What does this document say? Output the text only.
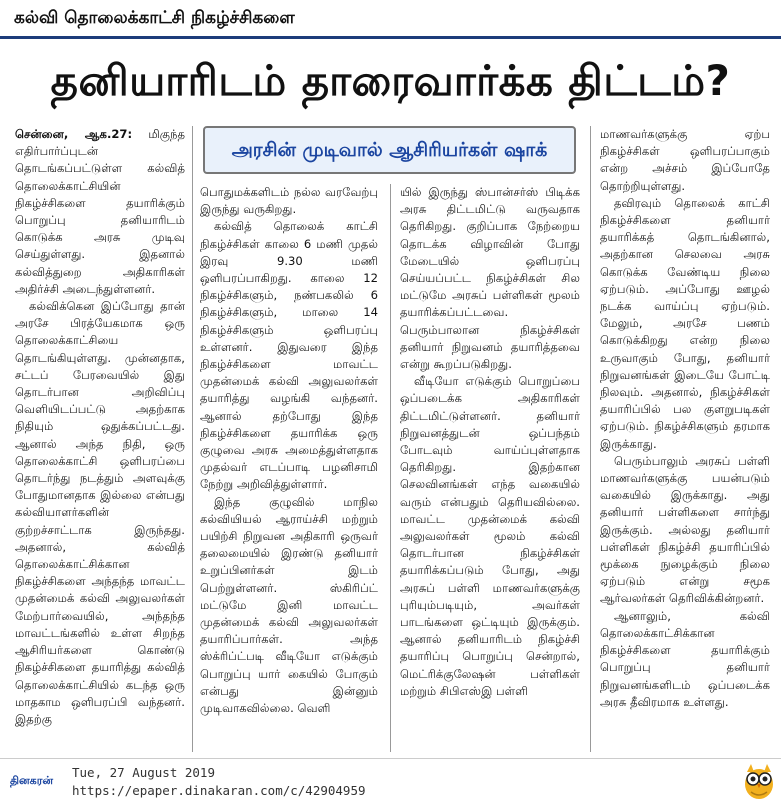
கல்வி தொலைக்காட்சி நிகழ்ச்சிகளை
தனியாரிடம் தாரைவார்க்க திட்டம்?
அரசின் முடிவால் ஆசிரியர்கள் ஷாக்

சென்னை, ஆக.27: மிகுந்த எதிர்பார்ப்புடன் தொடங்கப்பட்டுள்ள கல்வித் தொலைக்காட்சியின் நிகழ்ச்சிகளை தயாரிக்கும் பொறுப்பு தனியாரிடம் கொடுக்க அரசு முடிவு செய்துள்ளது. இதனால் கல்வித்துறை அதிகாரிகள் அதிர்ச்சி அடைந்துள்ளனர்.

கல்விக்கென இப்போது தான் அரசே பிரத்யேகமாக ஒரு தொலைக்காட்சியை தொடங்கியுள்ளது. முன்னதாக, சட்டப் பேரவையில் இது தொடர்பான அறிவிப்பு வெளியிடப்பட்டு அதற்காக நிதியும் ஒதுக்கப்பட்டது. ஆனால் அந்த நிதி, ஒரு தொலைக்காட்சி ஒளிபரப்பை தொடர்ந்து நடத்தும் அளவுக்கு போதுமானதாக இல்லை என்பது கல்வியாளர்களின் குற்றச்சாட்டாக இருந்தது. அதனால், கல்வித் தொலைக்காட்சிக்கான நிகழ்ச்சிகளை அந்தந்த மாவட்ட முதன்மைக் கல்வி அலுவலர்கள் மேற்பார்வையில், அந்தந்த மாவட்டங்களில் உள்ள சிறந்த ஆசிரியர்களை கொண்டு நிகழ்ச்சிகளை தயாரித்து கல்வித் தொலைக்காட்சியில் கடந்த ஒரு மாதகாம ஒளிபரப்பி வந்தனர். இதற்கு

பொதுமக்களிடம் நல்ல வரவேற்பு இருந்து வருகிறது.

கல்வித் தொலைக் காட்சி நிகழ்ச்சிகள் காலை 6 மணி முதல் இரவு 9.30 மணி ஒளிபரப்பாகிறது. காலை 12 நிகழ்ச்சிகளும், நண்பகலில் 6 நிகழ்ச்சிகளும், மாலை 14 நிகழ்ச்சிகளும் ஒளிபரப்பு உள்ளனர். இதுவரை இந்த நிகழ்ச்சிகளை மாவட்ட முதன்மைக் கல்வி அலுவலர்கள் தயாரித்து வழங்கி வந்தனர். ஆனால் தற்போது இந்த நிகழ்ச்சிகளை தயாரிக்க ஒரு குழுவை அரசு அமைத்துள்ளதாக முதல்வர் எடப்பாடி பழனிசாமி நேற்று அறிவித்துள்ளார்.

இந்த குழுவில் மாநில கல்வியியல் ஆராய்ச்சி மற்றும் பயிற்சி நிறுவன அதிகாரி ஒருவர் தலைமையில் இரண்டு தனியார் உறுப்பினர்கள் இடம் பெற்றுள்ளனர். ஸ்கிரிப்ட் மட்டுமே இனி மாவட்ட முதன்மைக் கல்வி அலுவலர்கள் தயாரிப்பார்கள். அந்த ஸ்க்ரிப்ட்படி வீடியோ எடுக்கும் பொறுப்பு யார் கையில் போகும் என்பது இன்னும் முடிவாகவில்லை. வெளி

யில் இருந்து ஸ்பான்சர்ஸ் பிடிக்க அரசு திட்டமிட்டு வருவதாக தெரிகிறது. குறிப்பாக நேற்றைய தொடக்க விழாவின் போது மேடையில் ஒளிபரப்பு செய்யப்பட்ட நிகழ்ச்சிகள் சில மட்டுமே அரசுப் பள்ளிகள் மூலம் தயாரிக்கப்பட்டவை. பெரும்பாலான நிகழ்ச்சிகள் தனியார் நிறுவனம் தயாரித்தவை என்று கூறப்படுகிறது.

வீடியோ எடுக்கும் பொறுப்பை ஒப்படைக்க அதிகாரிகள் திட்டமிட்டுள்ளனர். தனியார் நிறுவனத்துடன் ஒப்பந்தம் போடவும் வாய்ப்புள்ளதாக தெரிகிறது. இதற்கான செலவினங்கள் எந்த வகையில் வரும் என்பதும் தெரியவில்லை. மாவட்ட முதன்மைக் கல்வி அலுவலர்கள் மூலம் கல்வி தொடர்பான நிகழ்ச்சிகள் தயாரிக்கப்படும் போது, அது அரசுப் பள்ளி மாணவர்களுக்கு புரியும்படியும், அவர்கள் பாடங்களை ஒட்டியும் இருக்கும். ஆனால் தனியாரிடம் நிகழ்ச்சி தயாரிப்பு பொறுப்பு சென்றால், மெட்ரிக்குலேஷன் பள்ளிகள் மற்றும் சிபிஎஸ்இ பள்ளி

மாணவர்களுக்கு ஏற்ப நிகழ்ச்சிகள் ஒளிபரப்பாகும் என்ற அச்சம் இப்போதே தொற்றியுள்ளது.

தவிரவும் தொலைக் காட்சி நிகழ்ச்சிகளை தனியார் தயாரிக்கத் தொடங்கினால், அதற்கான செலவை அரசு கொடுக்க வேண்டிய நிலை ஏற்படும். அப்போது ஊழல் நடக்க வாய்ப்பு ஏற்படும். மேலும், அரசே பணம் கொடுக்கிறது என்ற நிலை உருவாகும் போது, தனியார் நிறுவனங்கள் இடையே போட்டி நிலவும். அதனால், நிகழ்ச்சிகள் தயாரிப்பில் பல குளறுபடிகள் ஏற்படும். நிகழ்ச்சிகளும் தரமாக இருக்காது.

பெரும்பாலும் அரசுப் பள்ளி மாணவர்களுக்கு பயன்படும் வகையில் இருக்காது. அது தனியார் பள்ளிகளை சார்ந்து இருக்கும். அல்லது தனியார் பள்ளிகள் நிகழ்ச்சி தயாரிப்பில் மூக்கை நுழைக்கும் நிலை ஏற்படும் என்று சமூக ஆர்வலர்கள் தெரிவிக்கின்றனர்.

ஆனாலும், கல்வி தொலைக்காட்சிக்கான நிகழ்ச்சிகளை தயாரிக்கும் பொறுப்பு தனியார் நிறுவனங்களிடம் ஒப்படைக்க அரசு தீவிரமாக உள்ளது.

தினகரன்
Tue, 27 August 2019
https://epaper.dinakaran.com/c/42904959
